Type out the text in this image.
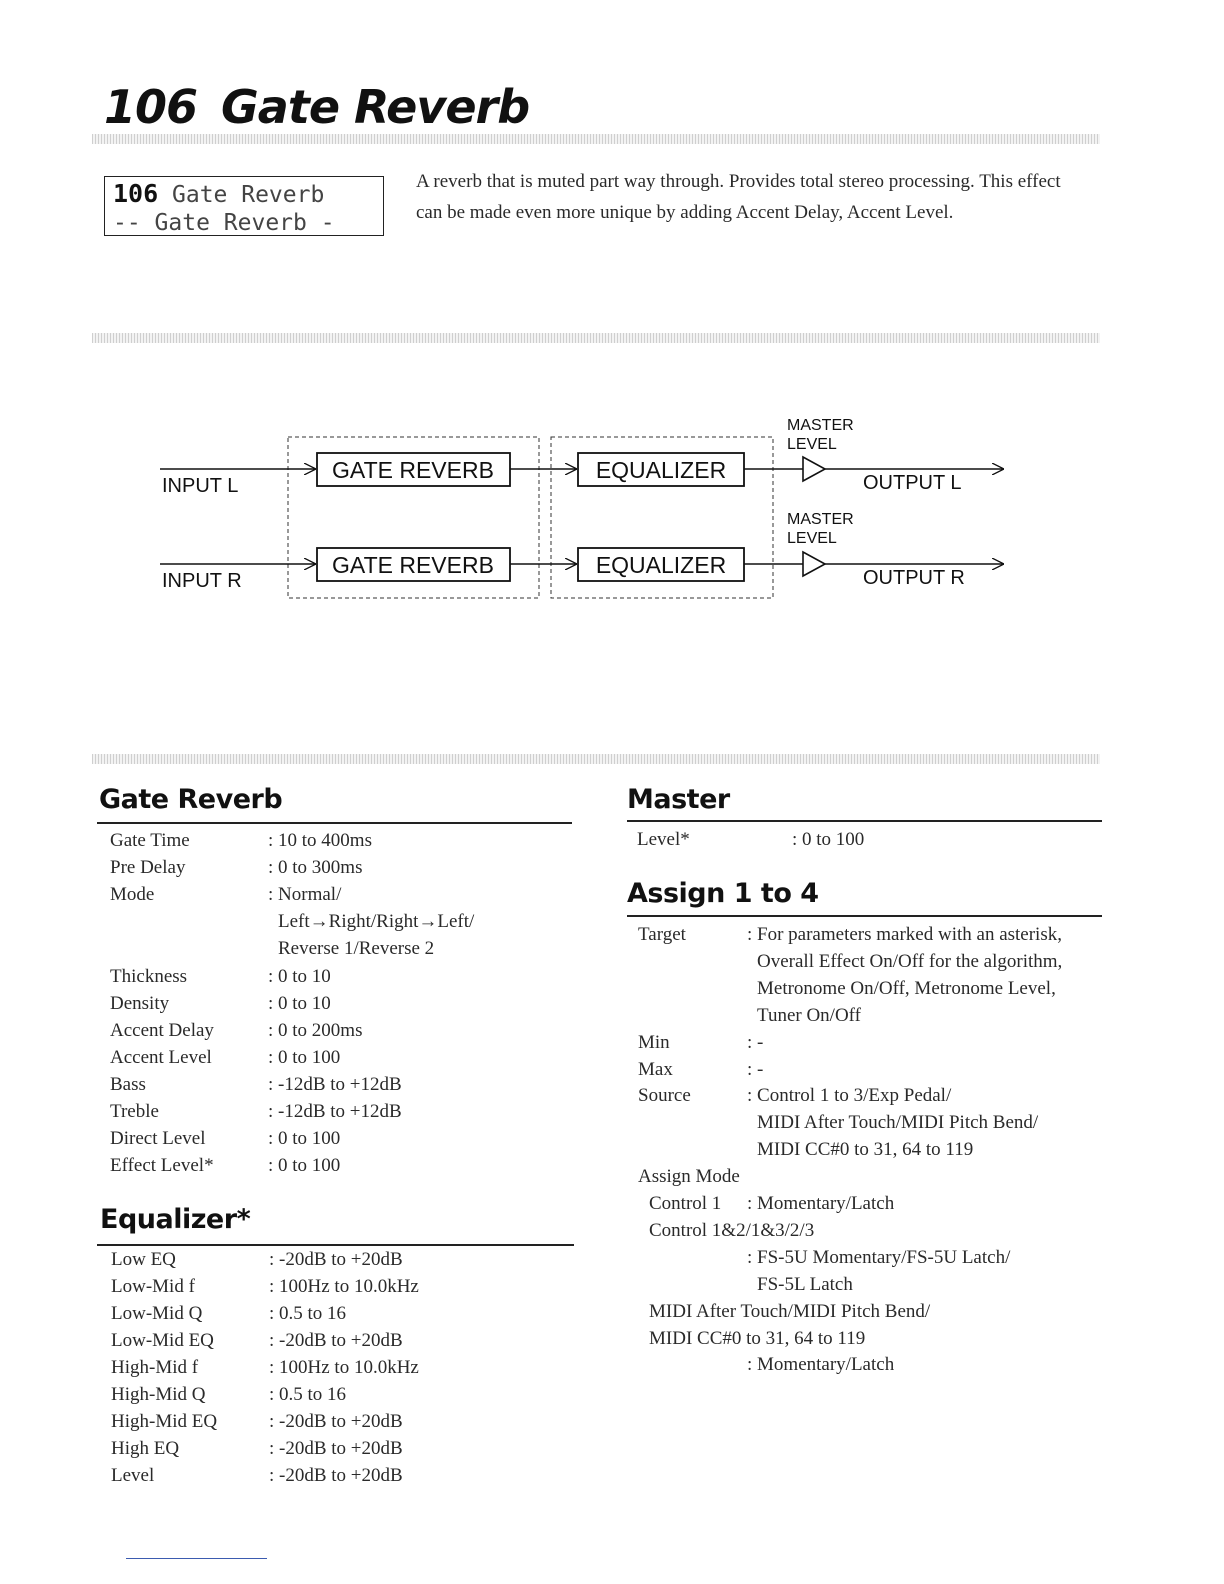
106 Gate Reverb
106 Gate Reverb
-- Gate Reverb -

A reverb that is muted part way through. Provides total stereo processing. This effect can be made even more unique by adding Accent Delay, Accent Level.

INPUT L
GATE REVERB	EQUALIZER
MASTER
LEVEL
OUTPUT L
INPUT R
GATE REVERB	EQUALIZER
MASTER
LEVEL
OUTPUT R
Gate Reverb
Gate Time	: 10 to 400ms
Pre Delay	: 0 to 300ms
Mode	: Normal/
Left→Right/Right→Left/
Reverse 1/Reverse 2
Thickness	: 0 to 10
Density	: 0 to 10
Accent Delay	: 0 to 200ms
Accent Level	: 0 to 100
Bass	: -12dB to +12dB
Treble	: -12dB to +12dB
Direct Level	: 0 to 100
Effect Level*	: 0 to 100
Equalizer*
Low EQ	: -20dB to +20dB
Low-Mid f	: 100Hz to 10.0kHz
Low-Mid Q	: 0.5 to 16
Low-Mid EQ	: -20dB to +20dB
High-Mid f	: 100Hz to 10.0kHz
High-Mid Q	: 0.5 to 16
High-Mid EQ	: -20dB to +20dB
High EQ	: -20dB to +20dB
Level	: -20dB to +20dB
Master
Level*	: 0 to 100
Assign 1 to 4
Target	: For parameters marked with an asterisk,
Overall Effect On/Off for the algorithm,
Metronome On/Off, Metronome Level,
Tuner On/Off
Min	: -
Max	: -
Source	: Control 1 to 3/Exp Pedal/
MIDI After Touch/MIDI Pitch Bend/
MIDI CC#0 to 31, 64 to 119
Assign Mode
Control 1 : Momentary/Latch
Control 1&2/1&3/2/3
: FS-5U Momentary/FS-5U Latch/
FS-5L Latch
MIDI After Touch/MIDI Pitch Bend/
MIDI CC#0 to 31, 64 to 119
: Momentary/Latch
